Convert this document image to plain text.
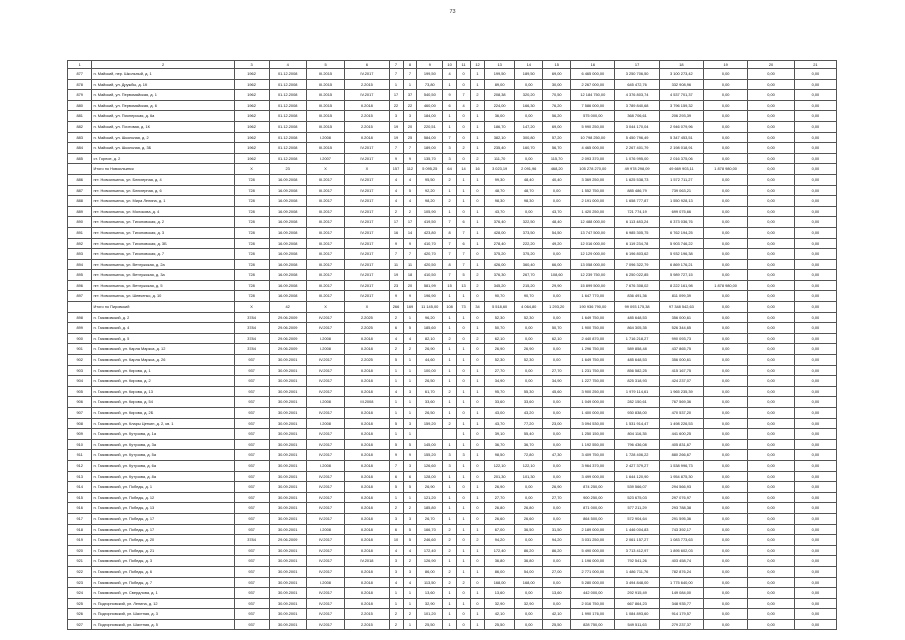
73
1	2	3	4	5	6	7	8	9	10	11	12	13	14	15	16	17	18	19	20	21
877	п. Майский, пер. Школьный, д. 1	1962	01.12.2008	III.2015	IV.2017	7	7	199,50	4	0	1	199,50	189,50	69,00	6 465 000,00	3 250 706,50	3 100 273,42	0,00	0,00	0,00
878	п. Майский, ул. Дружбы, д. 1К	1962	01.12.2008	III.2015	2.2015	1	1	73,80	1	0	1	89,00	0,00	30,00	2 267 000,00	645 472,76	332 908,96	0,00	0,00	0,00
879	п. Майский, ул. Первомайская, д. 1	1962	01.12.2008	III.2015	IV.2017	17	37	540,50	9	7	2	208,38	320,20	70,50	12 184 750,00	4 376 803,74	4 537 701,37	0,00	0,00	0,00
880	п. Майский, ул. Первомайская, д. 6	1962	01.12.2008	III.2015	II.2018	22	22	460,00	6	4	2	224,00	166,30	76,20	7 586 000,00	3 789 840,68	3 796 159,32	0,00	0,00	0,00
881	п. Майский, ул. Пионерская, д. 6а	1962	01.12.2008	III.2015	2.2015	3	3	184,00	1	0	1	36,00	0,00	56,20	575 000,00	368 706,61	206 293,39	0,00	0,00	0,00
882	п. Майский, ул. Почтовая, д. 1К	1962	01.12.2008	III.2015	2.2015	19	20	220,51	1	0	1	186,70	147,20	69,00	5 990 250,00	3 044 170,04	2 946 079,96	0,00	0,00	0,00
883	п. Майский, ул. Школьная, д. 2	1962	01.12.2008	I.2008	II.2018	19	25	584,00	7	0	1	382,10	300,80	57,20	10 798 250,00	5 450 796,49	5 347 453,51	0,00	0,00	0,00
884	п. Майский, ул. Школьная, д. 3Б	1962	01.12.2008	III.2015	IV.2017	7	7	189,00	3	2	1	235,40	160,70	56,70	4 465 000,00	2 267 401,79	2 198 018,91	0,00	0,00	0,00
885	ст. Горное, д. 2	1962	01.12.2008	I.2007	IV.2017	9	9	135,70	3	0	2	111,70	0,00	115,70	2 093 370,00	1 076 995,00	2 016 375,06	0,00	0,00	0,00
	Итого по Новоильинск	Х	23	Х	Х	157	112	5 095,25	64	14	16	3 023,19	2 091,96	468,20	105 278 270,00	49 978 298,09	49 669 903,11	1 878 980,00	0,00	0,00
886	пгт. Новоильинск, ул. Блюхерная, д. 4	728	16.09.2008	III.2017	IV.2017	4	4	95,50	2	1	1	99,30	48,40	40,40	3 369 250,00	1 625 538,73	1 572 711,27	0,00	0,00	0,00
887	пгт. Новоильинск, ул. Блюхерная, д. 6	728	16.09.2008	III.2017	IV.2017	4	5	92,20	1	1	0	48,70	48,70	0,00	1 552 750,00	885 486,79	739 063,21	0,00	0,00	0,00
888	пгт. Новоильинск, ул. Мира Ленина, д. 1	728	16.09.2008	III.2017	IV.2017	4	4	98,20	2	1	0	98,30	98,30	0,00	2 191 000,00	1 658 777,87	1 550 928,13	0,00	0,00	0,00
889	пгт. Новоильинск, ул. Молокова, д. 4	728	16.09.2008	III.2017	IV.2017	2	2	105,90	1	0	1	43,70	0,00	43,70	1 420 250,00	721 774,19	699 075,66	0,00	0,00	0,00
890	пгт. Новоильинск, ул. Тихоновская, д. 2	728	16.09.2008	III.2017	IV.2017	17	17	419,50	7	6	1	376,40	322,50	48,40	12 488 000,00	6 113 483,24	6 373 036,76	0,00	0,00	0,00
891	пгт. Новоильинск, ул. Тихоновская, д. 3	728	16.09.2008	III.2017	IV.2017	16	14	423,80	8	7	1	428,00	373,50	54,50	13 747 500,00	6 985 305,75	6 762 194,25	0,00	0,00	0,00
892	пгт. Новоильинск, ул. Тихоновская, д. 3Б	728	16.09.2008	III.2017	IV.2017	9	9	410,70	7	6	1	278,40	222,20	49,20	12 016 000,00	6 119 234,78	5 903 746,22	0,00	0,00	0,00
893	пгт. Новоильинск, ул. Тихоновская, д. 7	728	16.09.2008	III.2017	IV.2017	7	7	420,70	7	7	0	375,20	375,20	0,00	12 129 000,00	6 196 803,62	5 932 196,38	0,00	0,00	0,00
894	пгт. Новоильинск, ул. Ветлужская, д. 2а	728	16.09.2008	III.2017	IV.2017	11	11	420,50	8	7	1	426,00	360,40	66,00	13 058 000,00	7 096 322,79	6 869 176,21	0,00	0,00	0,00
895	пгт. Новоильинск, ул. Ветлужская, д. 3а	728	16.09.2008	III.2017	IV.2017	19	18	410,50	7	5	2	376,30	267,70	108,60	12 239 750,00	6 250 022,85	5 989 727,15	0,00	0,00	0,00
896	пгт. Новоильинск, ул. Ветлужская, д. 5	728	16.09.2008	III.2017	IV.2017	23	20	581,99	15	13	2	345,20	215,20	29,90	15 899 500,00	7 676 308,02	8 222 161,98	1 878 980,00	0,00	0,00
897	пгт. Новоильинск, ул. Шевченко, д. 10	728	16.09.2008	III.2017	IV.2017	9	9	196,90	1	1	0	90,70	90,70	0,00	1 647 770,00	836 491,36	811 099,39	0,00	0,00	0,00
	Итого по Пировский	Х	42	Х	Х	266	169	11 145,00	108	73	34	5 518,60	4 064,80	1 293,20	190 936 790,00	99 093 175,38	97 348 542,63	0,00	0,00	0,00
898	п. Газимовский, д. 2	3784	29.06.2009	IV.2017	2.2025	2	1	96,20	1	1	0	52,30	52,30	0,00	1 649 750,00	485 648,53	356 000,61	0,00	0,00	0,00
899	п. Газимовский, д. 4	3784	29.06.2009	IV.2017	2.2025	6	5	185,60	1	0	1	50,70	0,00	50,70	1 900 750,00	864 305,35	526 344,65	0,00	0,00	0,00
900	п. Газимовский, д. 5	3784	29.06.2009	I.2008	II.2018	4	4	82,10	2	0	2	62,10	0,00	62,10	2 440 870,00	1 716 218,27	990 093,73	0,00	0,00	0,00
901	п. Газимовский, ул. Карла Маркса, д. 12	3784	29.06.2009	I.2008	II.2018	2	2	26,90	1	1	0	26,90	26,90	0,00	1 296 750,00	589 858,48	437 865,75	0,00	0,00	0,00
902	п. Газимовский, ул. Карла Маркса, д. 26	937	30.09.2001	IV.2017	2.2025	5	1	44,60	1	1	0	52,30	52,30	0,00	1 649 750,00	485 648,53	356 000,61	0,00	0,00	0,00
903	п. Газимовский, ул. Кирова, д. 1	937	30.09.2001	IV.2017	II.2018	1	1	100,00	1	0	1	27,70	0,00	27,70	1 231 750,00	856 582,25	415 167,75	0,00	0,00	0,00
904	п. Газимовский, ул. Кирова, д. 2	937	30.09.2001	IV.2017	II.2018	1	1	26,50	1	0	1	34,90	0,00	34,90	1 227 750,00	825 318,93	424 237,07	0,00	0,00	0,00
905	п. Газимовский, ул. Кирова, д. 13	937	30.09.2001	IV.2017	II.2018	4	3	61,70	2	1	1	95,70	55,30	45,60	3 900 250,00	1 979 114,61	1 965 235,39	0,00	0,00	0,00
906	п. Газимовский, ул. Кирова, д. 54	937	30.09.2001	I.2008	III.2008	1	1	33,60	1	1	0	33,60	33,60	0,00	1 049 000,00	282 150,61	767 569,36	0,00	0,00	0,00
907	п. Газимовский, ул. Кирова, д. 2Б	937	30.09.2001	IV.2017	II.2018	1	1	26,50	1	0	1	43,00	43,20	0,00	1 400 000,00	930 838,00	470 537,20	0,00	0,00	0,00
908	п. Газимовский, ул. Клары Цеткин, д. 2, кв. 1	937	30.09.2001	I.2008	II.2018	5	3	159,20	2	1	1	43,70	77,20	23,00	3 094 530,00	1 531 914,47	1 498 226,53	0,00	0,00	0,00
909	п. Газимовский, ул. Кутузова, д. 1а	937	30.09.2001	IV.2017	II.2018	1	1			1	0	39,10	55,40	0,00	1 250 150,00	804 116,35	441 600,25	0,00	0,00	0,00
910	п. Газимовский, ул. Кутузова, д. 3а	937	30.09.2001	IV.2017	II.2018	5	5	145,00	1	1	0	36,70	36,70	0,00	1 192 550,00	796 436,08	405 831,67	0,00	0,00	0,00
911	п. Газимовский, ул. Кутузова, д. 5а	937	30.09.2001	IV.2017	II.2018	9	9	155,20	3	3	1	98,50	72,80	47,30	3 409 750,00	1 728 406,22	880 266,67	0,00	0,00	0,00
912	п. Газимовский, ул. Кутузова, д. 6а	937	30.09.2001	I.2008	II.2018	7	3	126,60	3	1	0	122,10	122,10	0,00	3 964 370,00	2 427 379,27	1 538 996,73	0,00	0,00	0,00
913	п. Газимовский, ул. Кутузова, д. 8а	937	30.09.2001	IV.2017	II.2018	6	6	128,00	1	1	0	201,30	101,30	0,00	3 499 000,00	1 644 120,90	1 954 875,30	0,00	0,00	0,00
914	п. Газимовский, ул. Победы, д. 1	937	30.09.2001	IV.2017	II.2018	5	5	26,90	1	0	1	26,90	0,00	26,90	874 250,00	539 566,07	294 566,93	0,00	0,00	0,00
915	п. Газимовский, ул. Победы, д. 12	937	30.09.2001	IV.2017	II.2018	1	1	121,20	1	0	1	27,70	0,00	27,70	900 250,00	523 675,03	297 076,97	0,00	0,00	0,00
916	п. Газимовский, ул. Победы, д. 13	937	30.09.2001	IV.2017	II.2018	2	2	185,80	1	1	0	26,80	26,80	0,00	871 000,00	577 211,29	293 788,38	0,00	0,00	0,00
917	п. Газимовский, ул. Победы, д. 17	937	30.09.2001	IV.2017	II.2018	3	3	26,70	1	1	0	26,60	26,60	0,00	864 500,00	572 904,64	291 595,36	0,00	0,00	0,00
918	п. Газимовский, ул. Победы, д. 17	937	30.09.2001	I.2008	II.2018	6	5	166,70	2	1	1	67,00	36,50	31,50	2 189 000,00	1 446 004,83	743 392,17	0,00	0,00	0,00
919	п. Газимовский, ул. Победы, д. 20	3784	29.06.2009	IV.2017	II.2018	10	5	246,60	2	0	2	94,20	0,00	94,20	3 031 250,00	2 061 157,27	1 083 773,63	0,00	0,00	0,00
920	п. Газимовский, ул. Победы, д. 21	937	30.09.2001	IV.2017	II.2018	4	4	172,40	2	1	1	172,40	86,20	86,20	5 490 000,00	3 713 412,97	1 895 602,03	0,00	0,00	0,00
921	п. Газимовский, ул. Победы, д. 3	937	30.09.2001	IV.2017	IV.2018	3	2	126,90	1	1	0	36,80	36,80	0,00	1 196 000,00	792 541,26	403 458,74	0,00	0,00	0,00
922	п. Газимовский, ул. Победы, д. 6	937	30.09.2001	IV.2017	II.2018	3	3	86,00	2	1	1	86,00	54,00	27,00	2 771 000,00	1 486 711,76	782 876,24	0,00	0,00	0,00
923	п. Газимовский, ул. Победы, д. 7	937	30.09.2001	I.2008	II.2018	4	4	113,50	2	2	0	168,00	168,00	0,00	5 280 000,00	3 494 848,00	1 775 640,00	0,00	0,00	0,00
924	п. Газимовский, ул. Свердлова, д. 1	937	30.09.2001	IV.2017	II.2018	1	1	13,60	1	0	1	13,60	0,00	13,60	442 000,00	292 915,49	149 084,00	0,00	0,00	0,00
925	п. Подгорновский, ул. Ленина, д. 12	937	30.09.2001	IV.2017	II.2018	1	1	32,90	1	1	0	32,90	32,90	0,00	2 016 750,00	667 864,23	348 935,77	0,00	0,00	0,00
926	п. Подгорновский, ул. Шахтная, д. 3	937	30.09.2001	IV.2017	2.2015	2	2	101,20	1	0	1	42,10	0,00	42,10	1 990 176,00	1 084 893,60	914 179,57	0,00	0,00	0,00
927	п. Подгорновский, ул. Шахтная, д. 5	937	30.09.2001	IV.2017	2.2015	2	1	25,50	1	0	1	25,50	0,00	25,50	828 750,00	549 511,63	279 237,37	0,00	0,00	0,00
